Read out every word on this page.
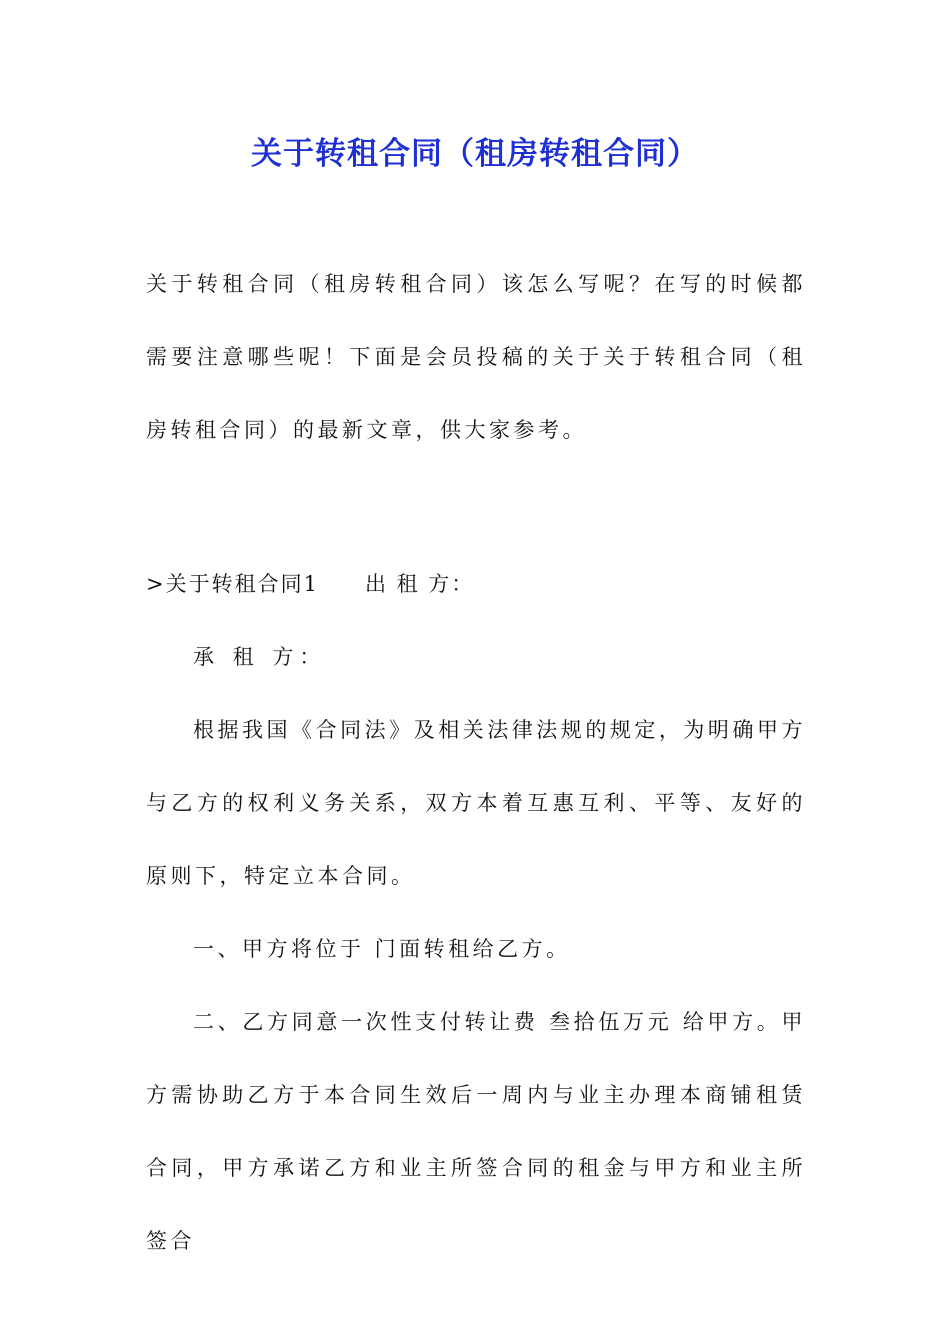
关于转租合同（租房转租合同）
关于转租合同（租房转租合同）该怎么写呢？在写的时候都需要注意哪些呢！下面是会员投稿的关于关于转租合同（租房转租合同）的最新文章，供大家参考。
>关于转租合同1　　出 租 方：
承 租 方：
根据我国《合同法》及相关法律法规的规定，为明确甲方与乙方的权利义务关系，双方本着互惠互利、平等、友好的原则下，特定立本合同。
一、甲方将位于 门面转租给乙方。
二、乙方同意一次性支付转让费 叁拾伍万元 给甲方。甲方需协助乙方于本合同生效后一周内与业主办理本商铺租赁合同，甲方承诺乙方和业主所签合同的租金与甲方和业主所签合
